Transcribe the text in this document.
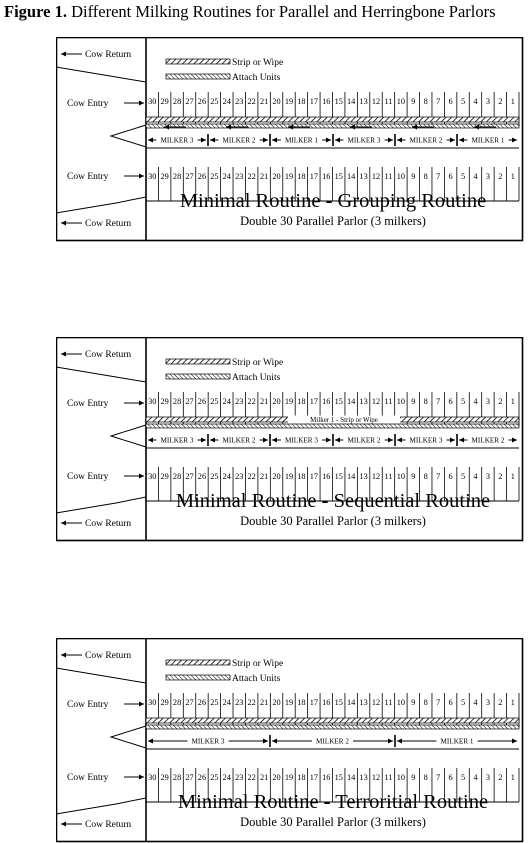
Figure 1. Different Milking Routines for Parallel and Herringbone Parlors
Cow Return
Cow Entry
Cow Entry
Cow Return
Strip or Wipe
Attach Units
30 29 28 27 26 25 24 23 22 21 20 19 18 17 16 15 14 13 12 11 10 9 8 7 6 5 4 3 2 1
30 29 28 27 26 25 24 23 22 21 20 19 18 17 16 15 14 13 12 11 10 9 8 7 6 5 4 3 2 1
MILKER 3	MILKER 2	MILKER 1	MILKER 3	MILKER 2	MILKER 1
Minimal Routine - Grouping Routine
Double 30 Parallel Parlor (3 milkers)
Cow Return
Cow Entry
Cow Entry
Cow Return
Strip or Wipe
Attach Units
30 29 28 27 26 25 24 23 22 21 20 19 18 17 16 15 14 13 12 11 10 9 8 7 6 5 4 3 2 1
30 29 28 27 26 25 24 23 22 21 20 19 18 17 16 15 14 13 12 11 10 9 8 7 6 5 4 3 2 1
Milker 1 - Strip or Wipe
MILKER 3	MILKER 2	MILKER 3	MILKER 2	MILKER 3	MILKER 2
Minimal Routine - Sequential Routine
Double 30 Parallel Parlor (3 milkers)
Cow Return
Cow Entry
Cow Entry
Cow Return
Strip or Wipe
Attach Units
30 29 28 27 26 25 24 23 22 21 20 19 18 17 16 15 14 13 12 11 10 9 8 7 6 5 4 3 2 1
30 29 28 27 26 25 24 23 22 21 20 19 18 17 16 15 14 13 12 11 10 9 8 7 6 5 4 3 2 1
MILKER 3	MILKER 2	MILKER 1
Minimal Routine - Terroritial Routine
Double 30 Parallel Parlor (3 milkers)
